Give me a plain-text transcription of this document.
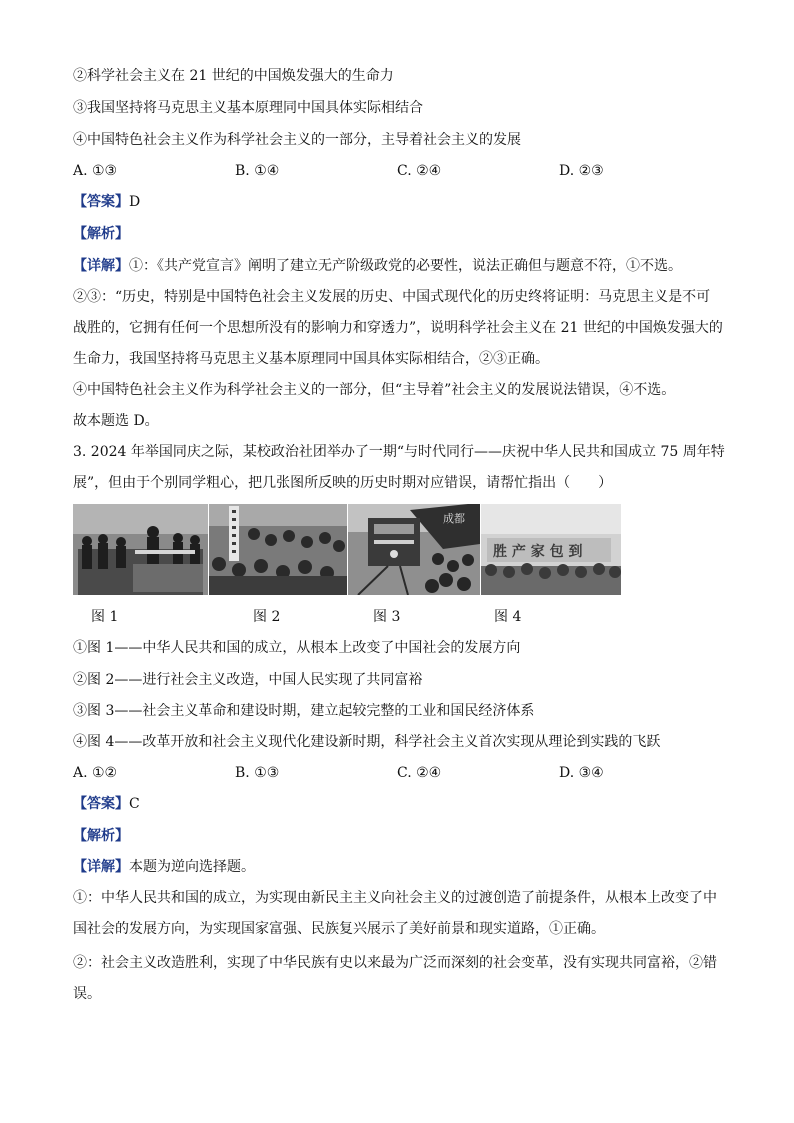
②科学社会主义在 21 世纪的中国焕发强大的生命力
③我国坚持将马克思主义基本原理同中国具体实际相结合
④中国特色社会主义作为科学社会主义的一部分，主导着社会主义的发展
A. ①③	B. ①④	C. ②④	D. ②③
【答案】D
【解析】
【详解】①：《共产党宣言》阐明了建立无产阶级政党的必要性，说法正确但与题意不符，①不选。
②③：“历史，特别是中国特色社会主义发展的历史、中国式现代化的历史终将证明：马克思主义是不可
战胜的，它拥有任何一个思想所没有的影响力和穿透力”，说明科学社会主义在 21 世纪的中国焕发强大的
生命力，我国坚持将马克思主义基本原理同中国具体实际相结合，②③正确。
④中国特色社会主义作为科学社会主义的一部分，但“主导着”社会主义的发展说法错误，④不选。
故本题选 D。
3. 2024 年举国同庆之际，某校政治社团举办了一期“与时代同行——庆祝中华人民共和国成立 75 周年特
展”，但由于个别同学粗心，把几张图所反映的历史时期对应错误，请帮忙指出（　　）
成都
胜 产 家 包 到
图 1	图 2	图 3	图 4
①图 1——中华人民共和国的成立，从根本上改变了中国社会的发展方向
②图 2——进行社会主义改造，中国人民实现了共同富裕
③图 3——社会主义革命和建设时期，建立起较完整的工业和国民经济体系
④图 4——改革开放和社会主义现代化建设新时期，科学社会主义首次实现从理论到实践的飞跃
A. ①②	B. ①③	C. ②④	D. ③④
【答案】C
【解析】
【详解】本题为逆向选择题。
①：中华人民共和国的成立，为实现由新民主主义向社会主义的过渡创造了前提条件，从根本上改变了中
国社会的发展方向，为实现国家富强、民族复兴展示了美好前景和现实道路，①正确。
②：社会主义改造胜利，实现了中华民族有史以来最为广泛而深刻的社会变革，没有实现共同富裕，②错
误。
